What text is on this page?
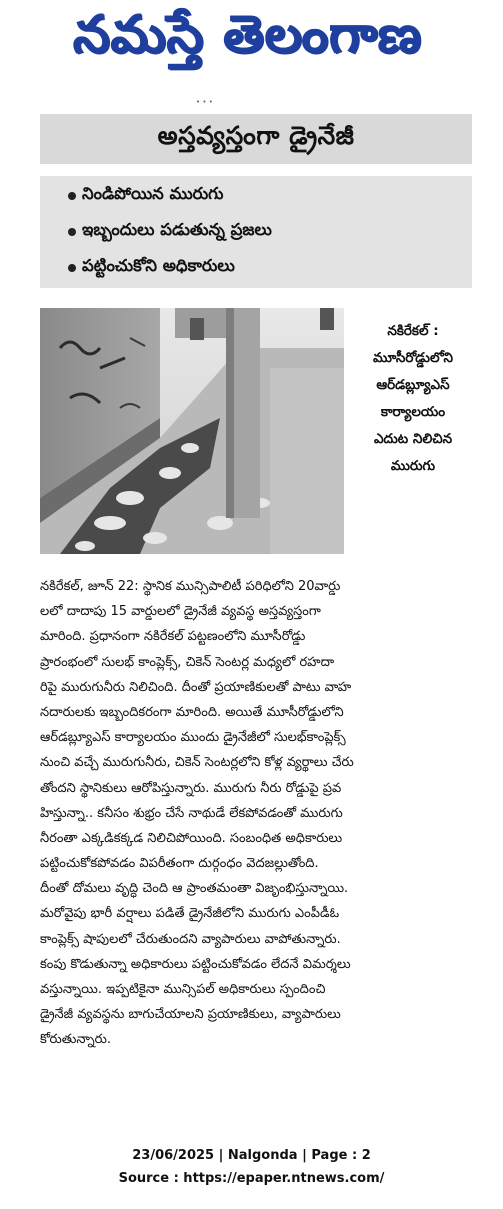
నమస్తే తెలంగాణ
• • •
అస్తవ్యస్తంగా డ్రైనేజీ
నిండిపోయిన మురుగు
ఇబ్బందులు పడుతున్న ప్రజలు
పట్టించుకోని అధికారులు
నకిరేకల్ :
మూసీరోడ్డులోని
ఆర్‌డబ్ల్యూఎస్
కార్యాలయం
ఎదుట నిలిచిన
మురుగు
నకిరేకల్, జూన్ 22: స్థానిక మున్సిపాలిటీ పరిధిలోని 20వార్డు
లలో దాదాపు 15 వార్డులలో డ్రైనేజీ వ్యవస్థ అస్తవ్యస్తంగా
మారింది. ప్రధానంగా నకిరేకల్ పట్టణంలోని మూసీరోడ్డు
ప్రారంభంలో సులభ్ కాంప్లెక్స్, చికెన్ సెంటర్ల మధ్యలో రహదా
రిపై మురుగునీరు నిలిచింది. దీంతో ప్రయాణికులతో పాటు వాహ
నదారులకు ఇబ్బందికరంగా మారింది. అయితే మూసీరోడ్డులోని
ఆర్‌డబ్ల్యూఎస్ కార్యాలయం ముందు డ్రైనేజీలో సులభ్‌కాంప్లెక్స్
నుంచి వచ్చే మురుగునీరు, చికెన్ సెంటర్లలోని కోళ్ల వ్యర్థాలు చేరు
తోందని స్థానికులు ఆరోపిస్తున్నారు. మురుగు నీరు రోడ్డుపై ప్రవ
హిస్తున్నా.. కనీసం శుభ్రం చేసే నాథుడే లేకపోవడంతో మురుగు
నీరంతా ఎక్కడికక్కడ నిలిచిపోయింది. సంబంధిత అధికారులు
పట్టించుకోకపోవడం విపరీతంగా దుర్గంధం వెదజల్లుతోంది.
దీంతో దోమలు వృద్ధి చెంది ఆ ప్రాంతమంతా విజృంభిస్తున్నాయి.
మరోవైపు భారీ వర్షాలు పడితే డ్రైనేజీలోని మురుగు ఎంపీడీఓ
కాంప్లెక్స్ షాపులలో చేరుతుందని వ్యాపారులు వాపోతున్నారు.
కంపు కొడుతున్నా అధికారులు పట్టించుకోవడం లేదనే విమర్శలు
వస్తున్నాయి. ఇప్పటికైనా మున్సిపల్ అధికారులు స్పందించి
డ్రైనేజీ వ్యవస్థను బాగుచేయాలని ప్రయాణికులు, వ్యాపారులు
కోరుతున్నారు.
23/06/2025 | Nalgonda | Page : 2
Source : https://epaper.ntnews.com/
